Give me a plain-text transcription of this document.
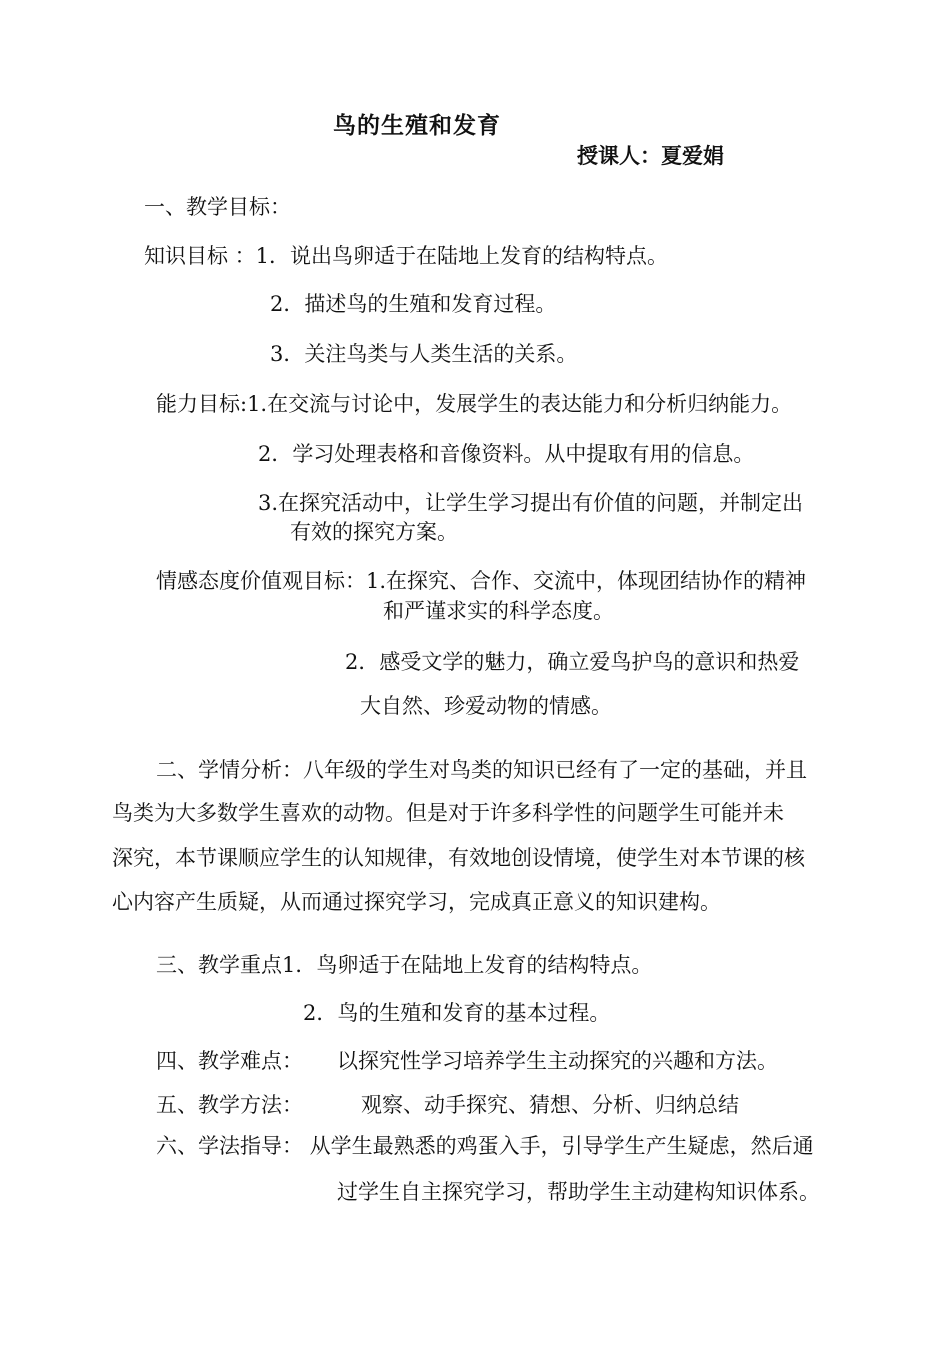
鸟的生殖和发育
授课人：夏爱娟
一、教学目标：
知识目标 ：1．说出鸟卵适于在陆地上发育的结构特点。
2．描述鸟的生殖和发育过程。
3．关注鸟类与人类生活的关系。
能力目标:1.在交流与讨论中，发展学生的表达能力和分析归纳能力。
2．学习处理表格和音像资料。从中提取有用的信息。
3.在探究活动中，让学生学习提出有价值的问题，并制定出
有效的探究方案。
情感态度价值观目标：1.在探究、合作、交流中，体现团结协作的精神
和严谨求实的科学态度。
2．感受文学的魅力，确立爱鸟护鸟的意识和热爱
大自然、珍爱动物的情感。
二、学情分析：八年级的学生对鸟类的知识已经有了一定的基础，并且
鸟类为大多数学生喜欢的动物。但是对于许多科学性的问题学生可能并未
深究，本节课顺应学生的认知规律，有效地创设情境，使学生对本节课的核
心内容产生质疑，从而通过探究学习，完成真正意义的知识建构。
三、教学重点1．鸟卵适于在陆地上发育的结构特点。
2．鸟的生殖和发育的基本过程。
四、教学难点： 以探究性学习培养学生主动探究的兴趣和方法。
五、教学方法：	观察、动手探究、猜想、分析、归纳总结
六、学法指导： 从学生最熟悉的鸡蛋入手，引导学生产生疑虑，然后通
过学生自主探究学习，帮助学生主动建构知识体系。
